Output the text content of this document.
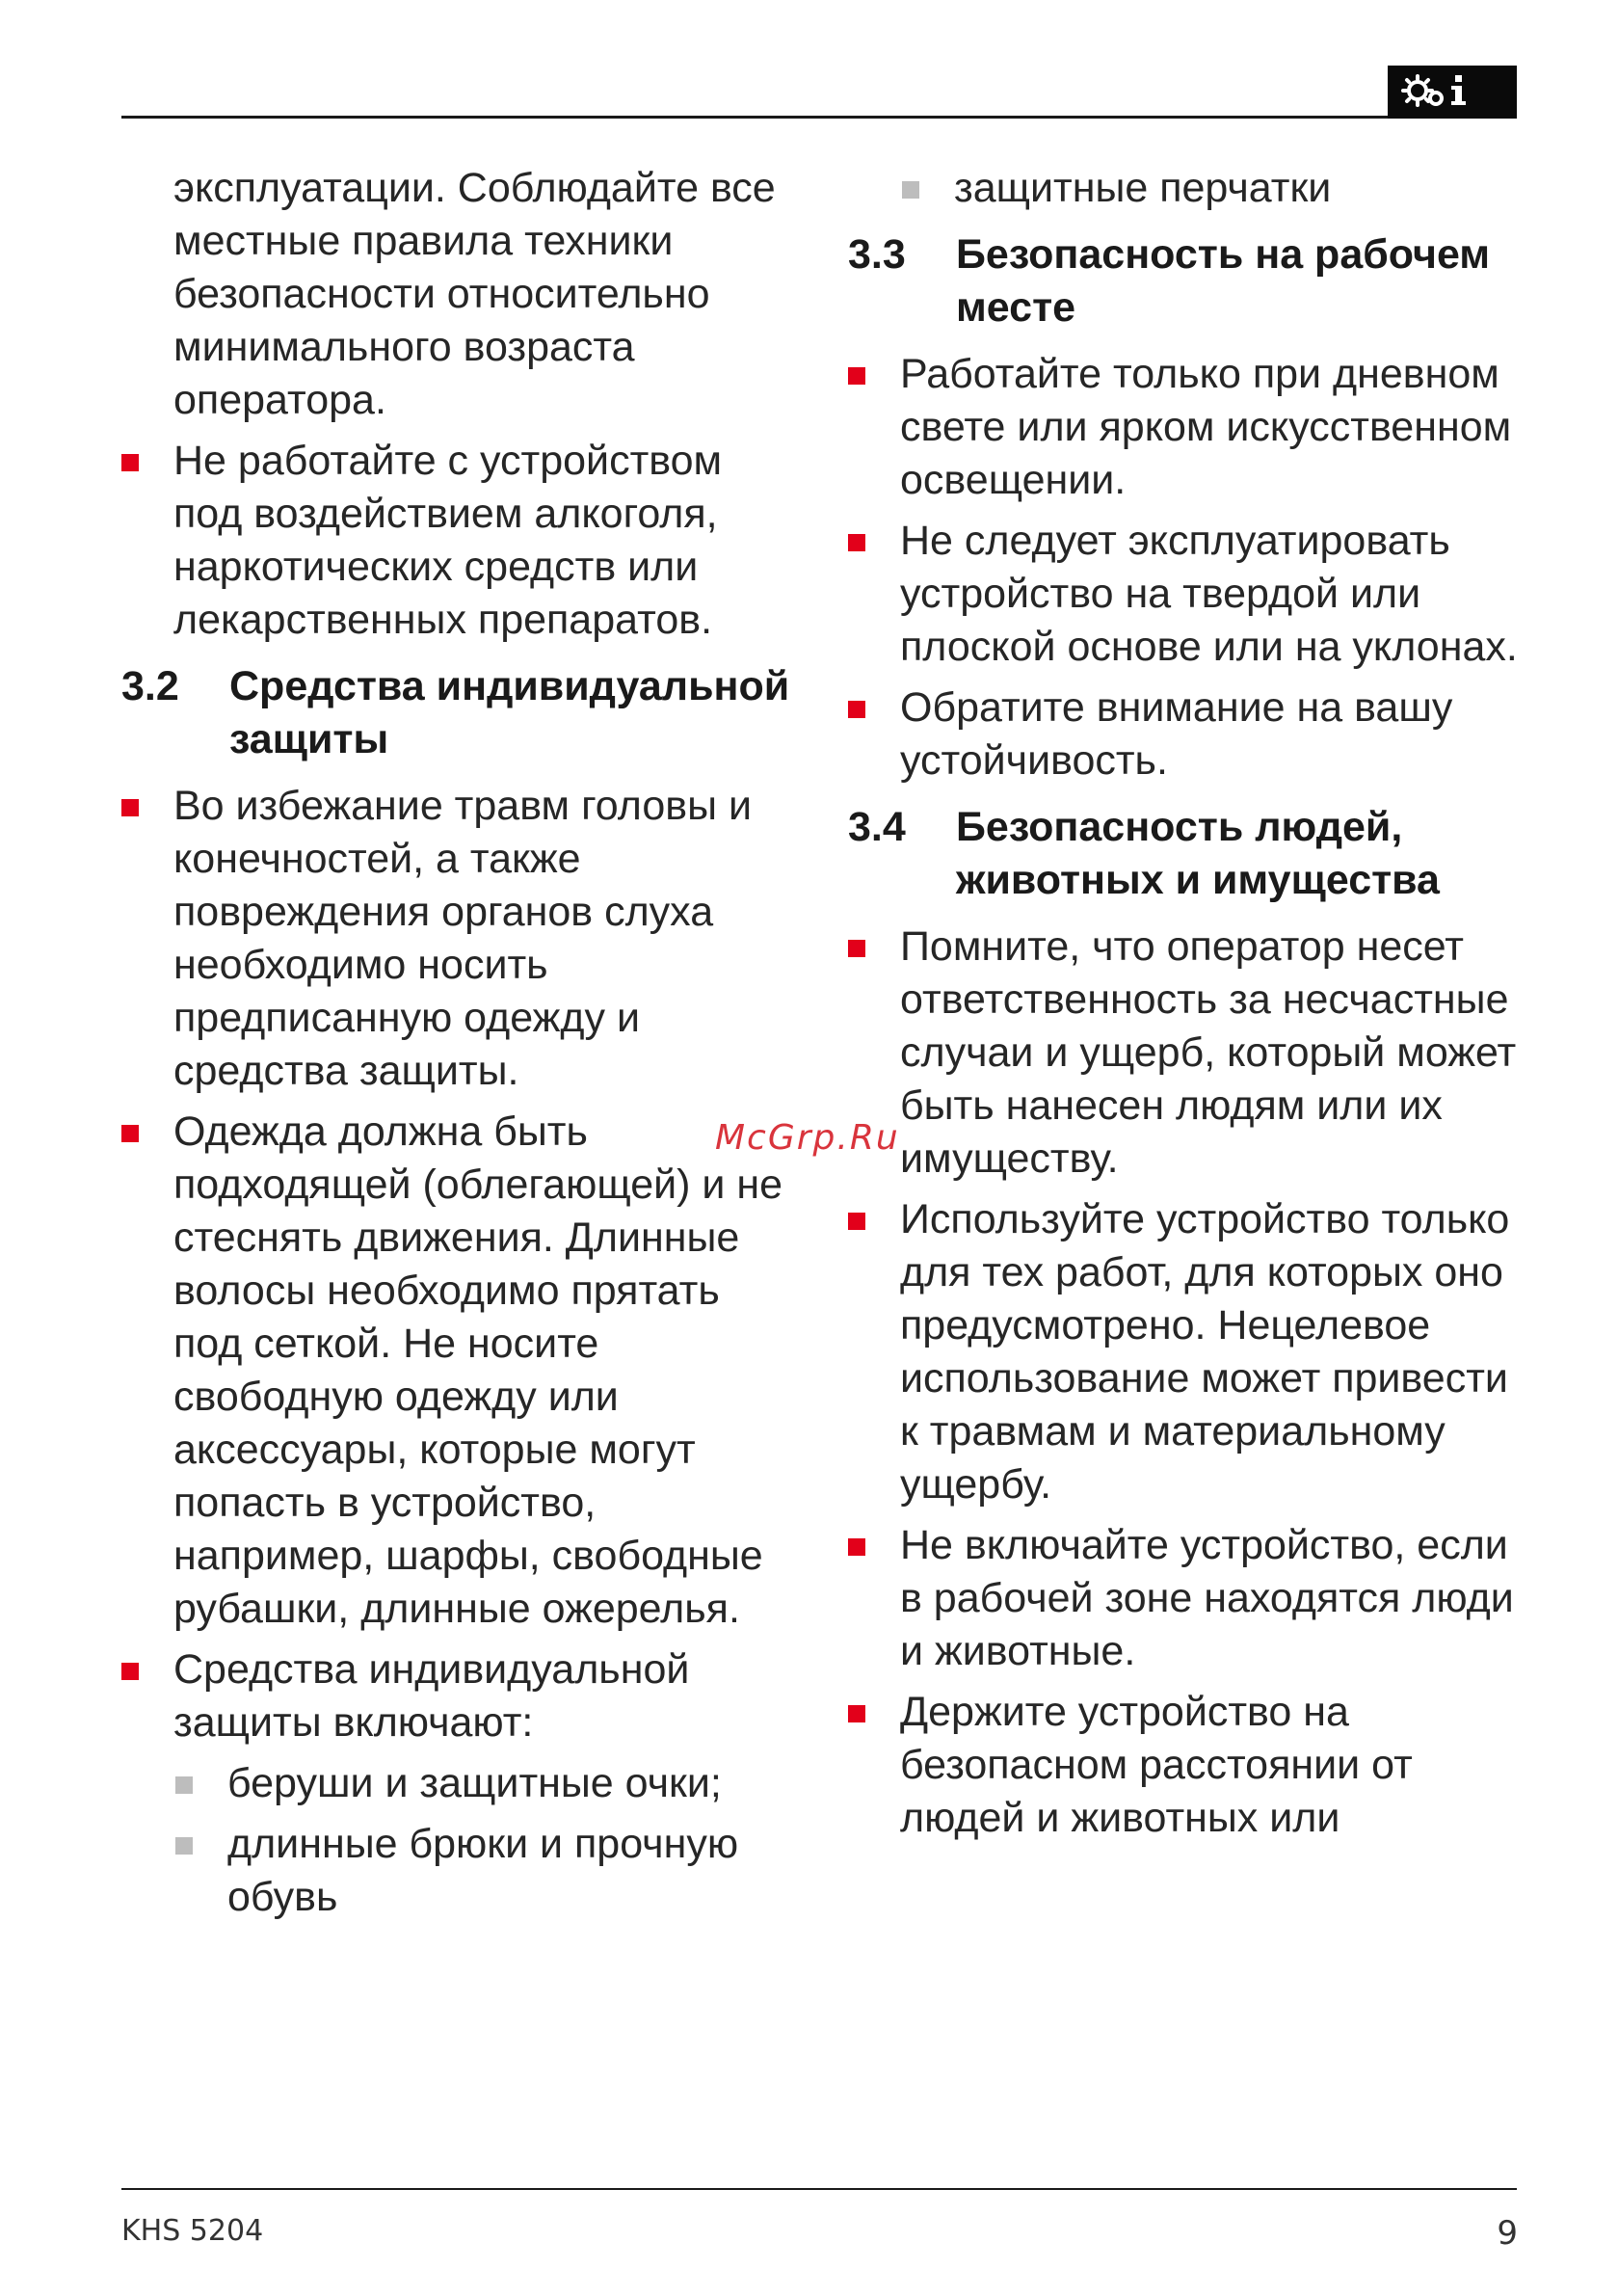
эксплуатации. Соблюдайте все местные правила техники безопасности относительно минимального возраста оператора.
Не работайте с устройством под воздействием алкоголя, наркотических средств или лекарственных препаратов.
3.2 Средства индивидуальной защиты
Во избежание травм головы и конечностей, а также повреждения органов слуха необходимо носить предписанную одежду и средства защиты.
Одежда должна быть подходящей (облегающей) и не стеснять движения. Длинные волосы необходимо прятать под сеткой. Не носите свободную одежду или аксессуары, которые могут попасть в устройство, например, шарфы, свободные рубашки, длинные ожерелья.
Средства индивидуальной защиты включают:
беруши и защитные очки;
длинные брюки и прочную обувь
защитные перчатки
3.3 Безопасность на рабочем месте
Работайте только при дневном свете или ярком искусственном освещении.
Не следует эксплуатировать устройство на твердой или плоской основе или на уклонах.
Обратите внимание на вашу устойчивость.
3.4 Безопасность людей, животных и имущества
Помните, что оператор несет ответственность за несчастные случаи и ущерб, который может быть нанесен людям или их имуществу.
Используйте устройство только для тех работ, для которых оно предусмотрено. Нецелевое использование может привести к травмам и материальному ущербу.
Не включайте устройство, если в рабочей зоне находятся люди и животные.
Держите устройство на безопасном расстоянии от людей и животных или
McGrp.Ru
KHS 5204	9
